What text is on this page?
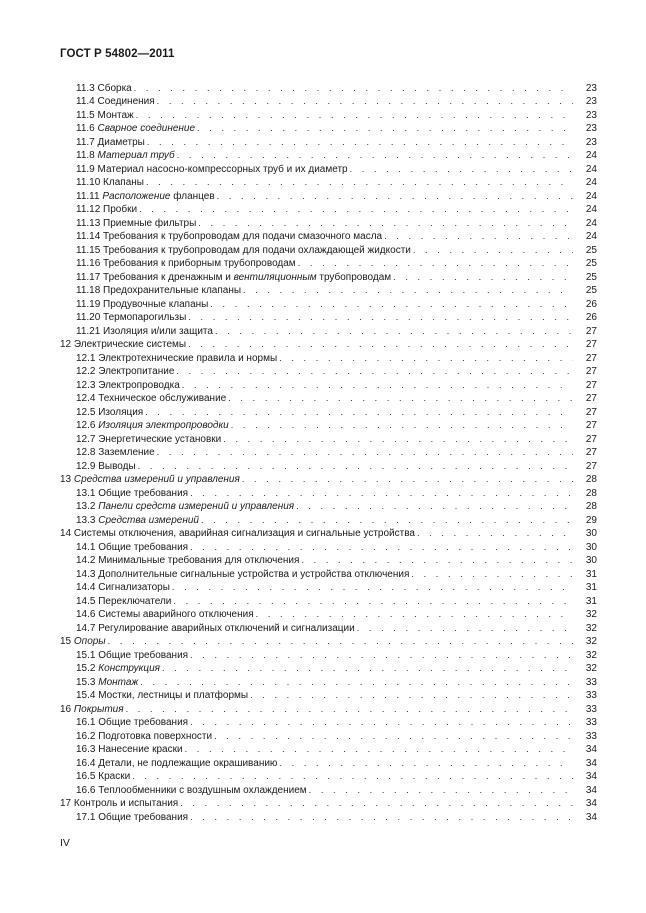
ГОСТ Р 54802—2011
11.3 Сборка . . .	23
11.4 Соединения . . .	23
11.5 Монтаж . . .	23
11.6 Сварное соединение . . .	23
11.7 Диаметры . . .	23
11.8 Материал труб . . .	24
11.9 Материал насосно-компрессорных труб и их диаметр . . .	24
11.10 Клапаны . . .	24
11.11 Расположение фланцев . . .	24
11.12 Пробки . . .	24
11.13 Приемные фильтры . . .	24
11.14 Требования к трубопроводам для подачи смазочного масла . . .	24
11.15 Требования к трубопроводам для подачи охлаждающей жидкости . . .	25
11.16 Требования к приборным трубопроводам . . .	25
11.17 Требования к дренажным и вентиляционным трубопроводам . . .	25
11.18 Предохранительные клапаны . . .	25
11.19 Продувочные клапаны . . .	26
11.20 Термопарогильзы . . .	26
11.21 Изоляция и/или защита . . .	27
12 Электрические системы . . .	27
12.1 Электротехнические правила и нормы . . .	27
12.2 Электропитание . . .	27
12.3 Электропроводка . . .	27
12.4 Техническое обслуживание . . .	27
12.5 Изоляция . . .	27
12.6 Изоляция электропроводки . . .	27
12.7 Энергетические установки . . .	27
12.8 Заземление . . .	27
12.9 Выводы . . .	27
13 Средства измерений и управления . . .	28
13.1 Общие требования . . .	28
13.2 Панели средств измерений и управления . . .	28
13.3 Средства измерений . . .	29
14 Системы отключения, аварийная сигнализация и сигнальные устройства . . .	30
14.1 Общие требования . . .	30
14.2 Минимальные требования для отключения . . .	30
14.3 Дополнительные сигнальные устройства и устройства отключения . . .	31
14.4 Сигнализаторы . . .	31
14.5 Переключатели . . .	31
14.6 Системы аварийного отключения . . .	32
14.7 Регулирование аварийных отключений и сигнализации . . .	32
15 Опоры . . .	32
15.1 Общие требования . . .	32
15.2 Конструкция . . .	32
15.3 Монтаж . . .	33
15.4 Мостки, лестницы и платформы . . .	33
16 Покрытия . . .	33
16.1 Общие требования . . .	33
16.2 Подготовка поверхности . . .	33
16.3 Нанесение краски . . .	34
16.4 Детали, не подлежащие окрашиванию . . .	34
16.5 Краски . . .	34
16.6 Теплообменники с воздушным охлаждением . . .	34
17 Контроль и испытания . . .	34
17.1 Общие требования . . .	34
IV
